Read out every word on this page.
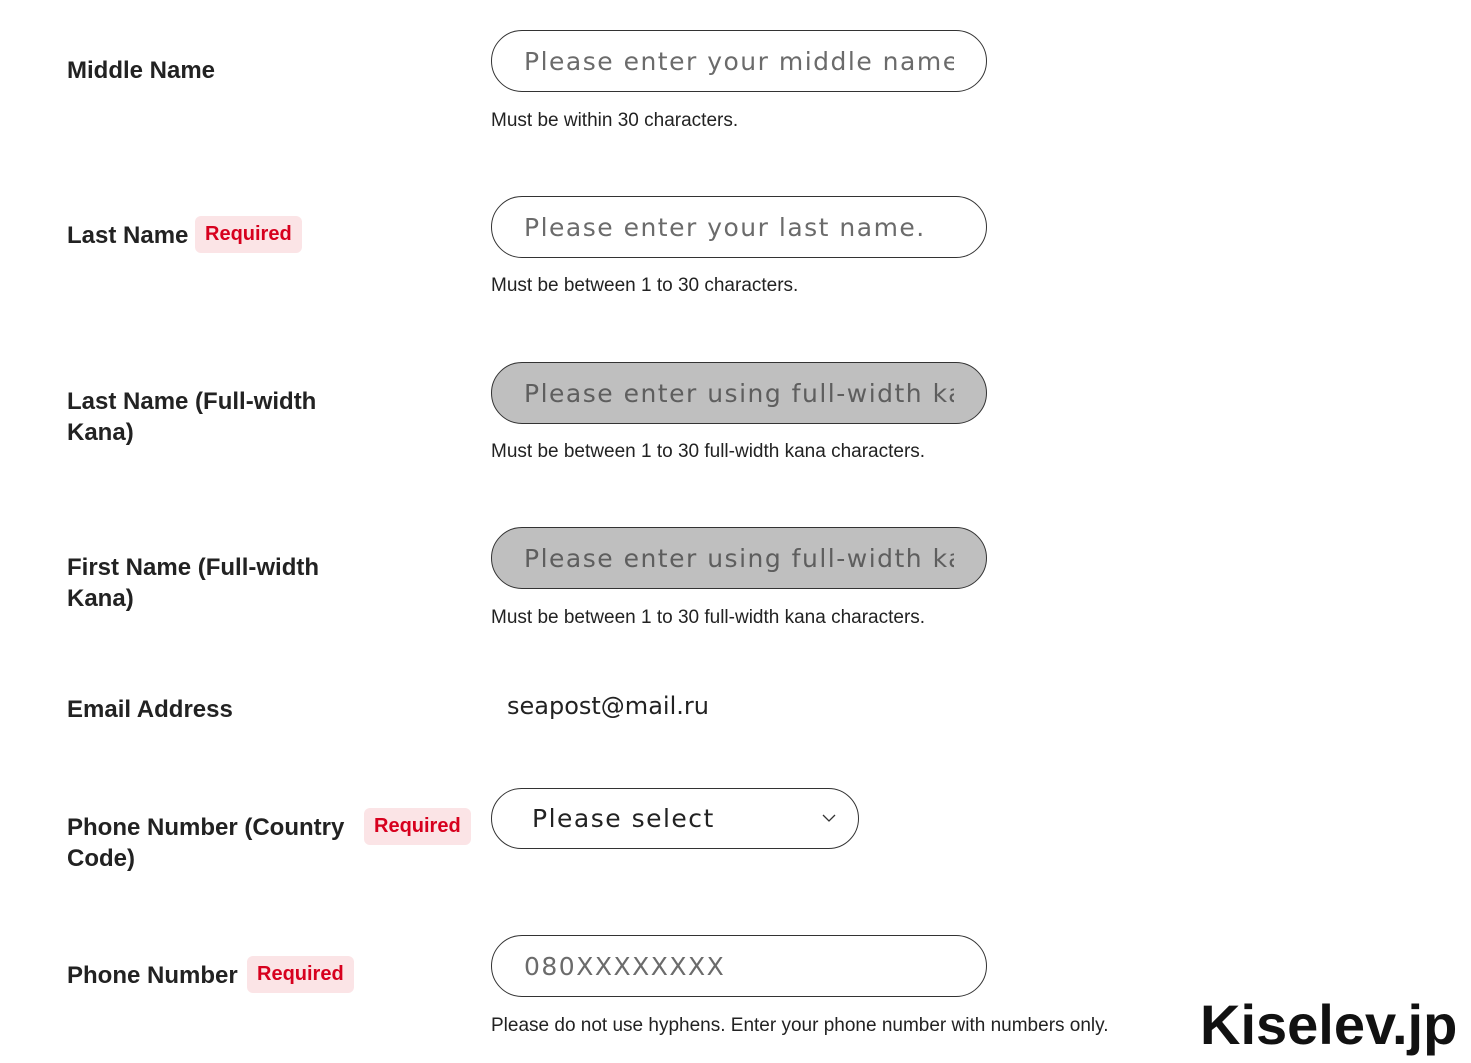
Middle Name
Please enter your middle name if
Must be within 30 characters.
Last Name Required
Please enter your last name.
Must be between 1 to 30 characters.
Last Name (Full-width
Kana)
Please enter using full-width kan
Must be between 1 to 30 full-width kana characters.
First Name (Full-width
Kana)
Please enter using full-width kan
Must be between 1 to 30 full-width kana characters.
Email Address	seapost@mail.ru
Phone Number (Country
Code)
Required	Please select
Phone Number Required
080XXXXXXXX
Please do not use hyphens. Enter your phone number with numbers only. Kiselev.jp
